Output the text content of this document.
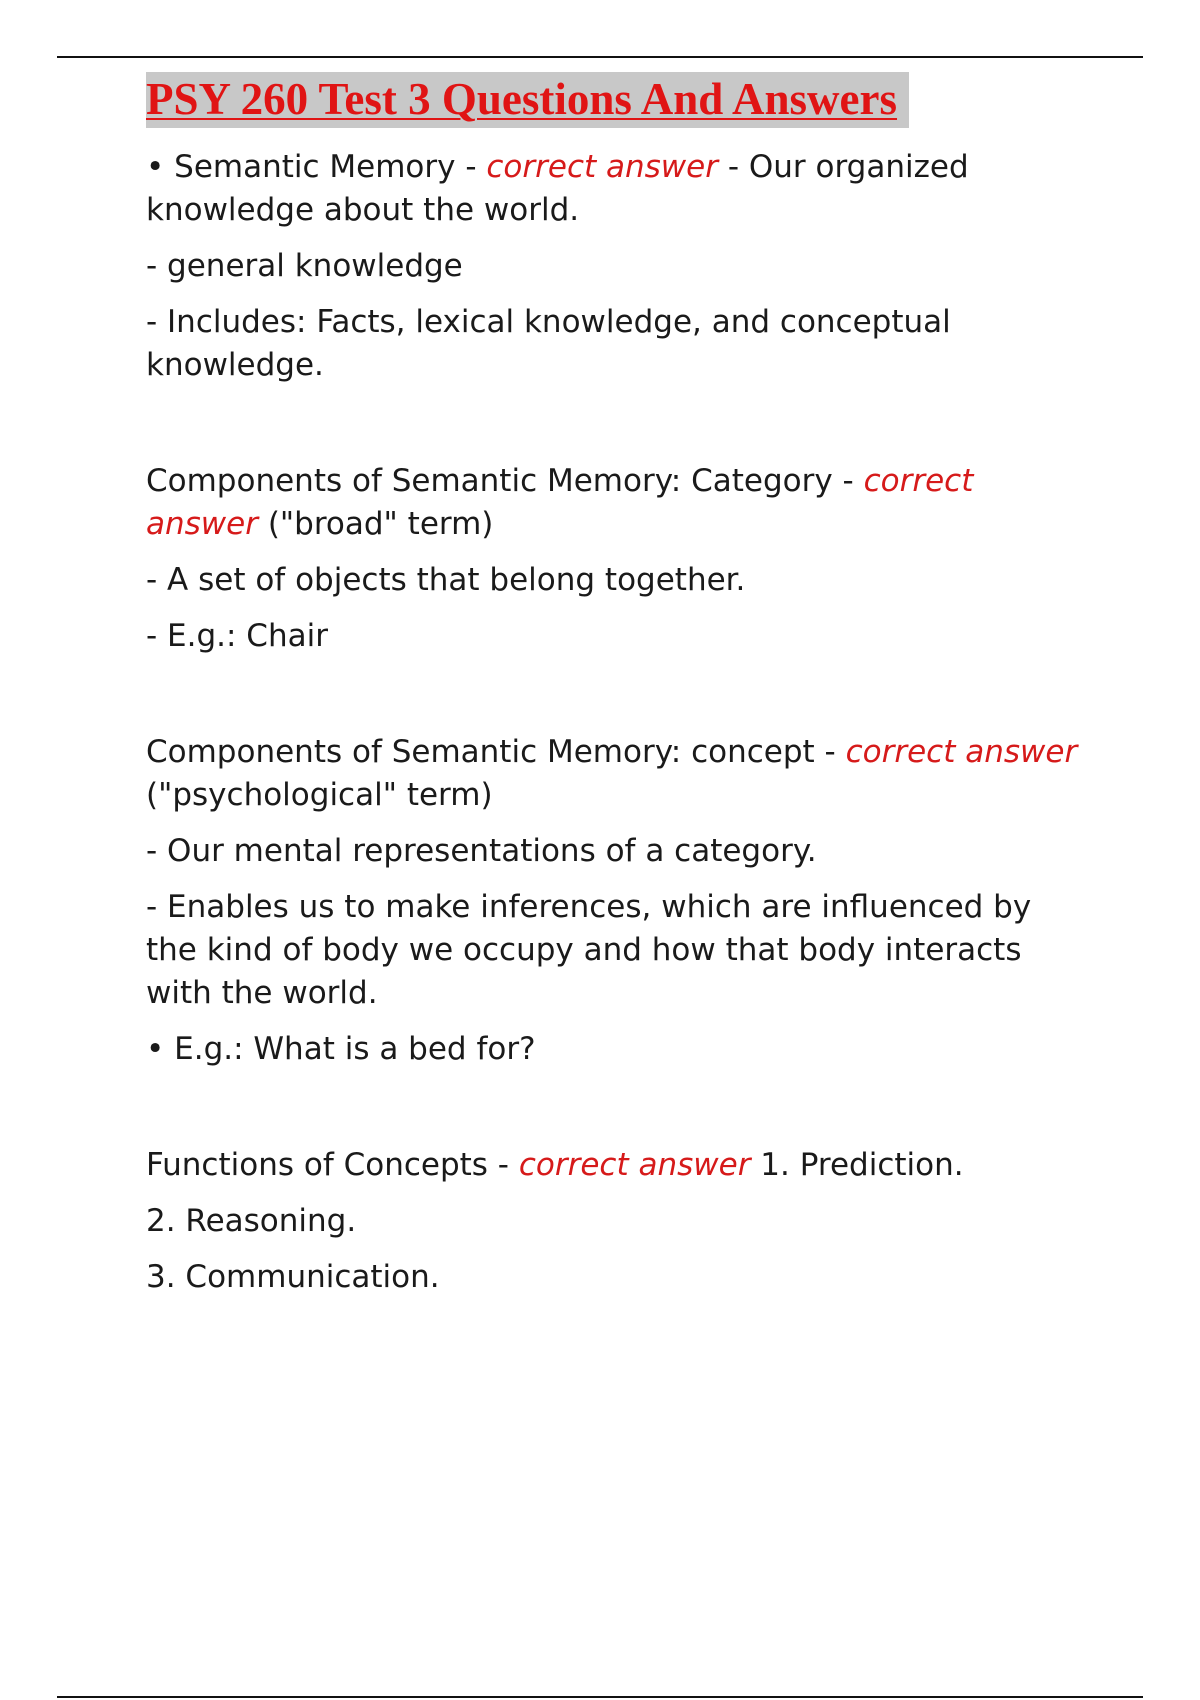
PSY 260 Test 3 Questions And Answers

• Semantic Memory - correct answer - Our organized knowledge about the world.

- general knowledge

- Includes: Facts, lexical knowledge, and conceptual knowledge.

Components of Semantic Memory: Category - correct answer ("broad" term)

- A set of objects that belong together.

- E.g.: Chair

Components of Semantic Memory: concept - correct answer ("psychological" term)

- Our mental representations of a category.

- Enables us to make inferences, which are influenced by the kind of body we occupy and how that body interacts with the world.

• E.g.: What is a bed for?

Functions of Concepts - correct answer 1. Prediction.

2. Reasoning.

3. Communication.
